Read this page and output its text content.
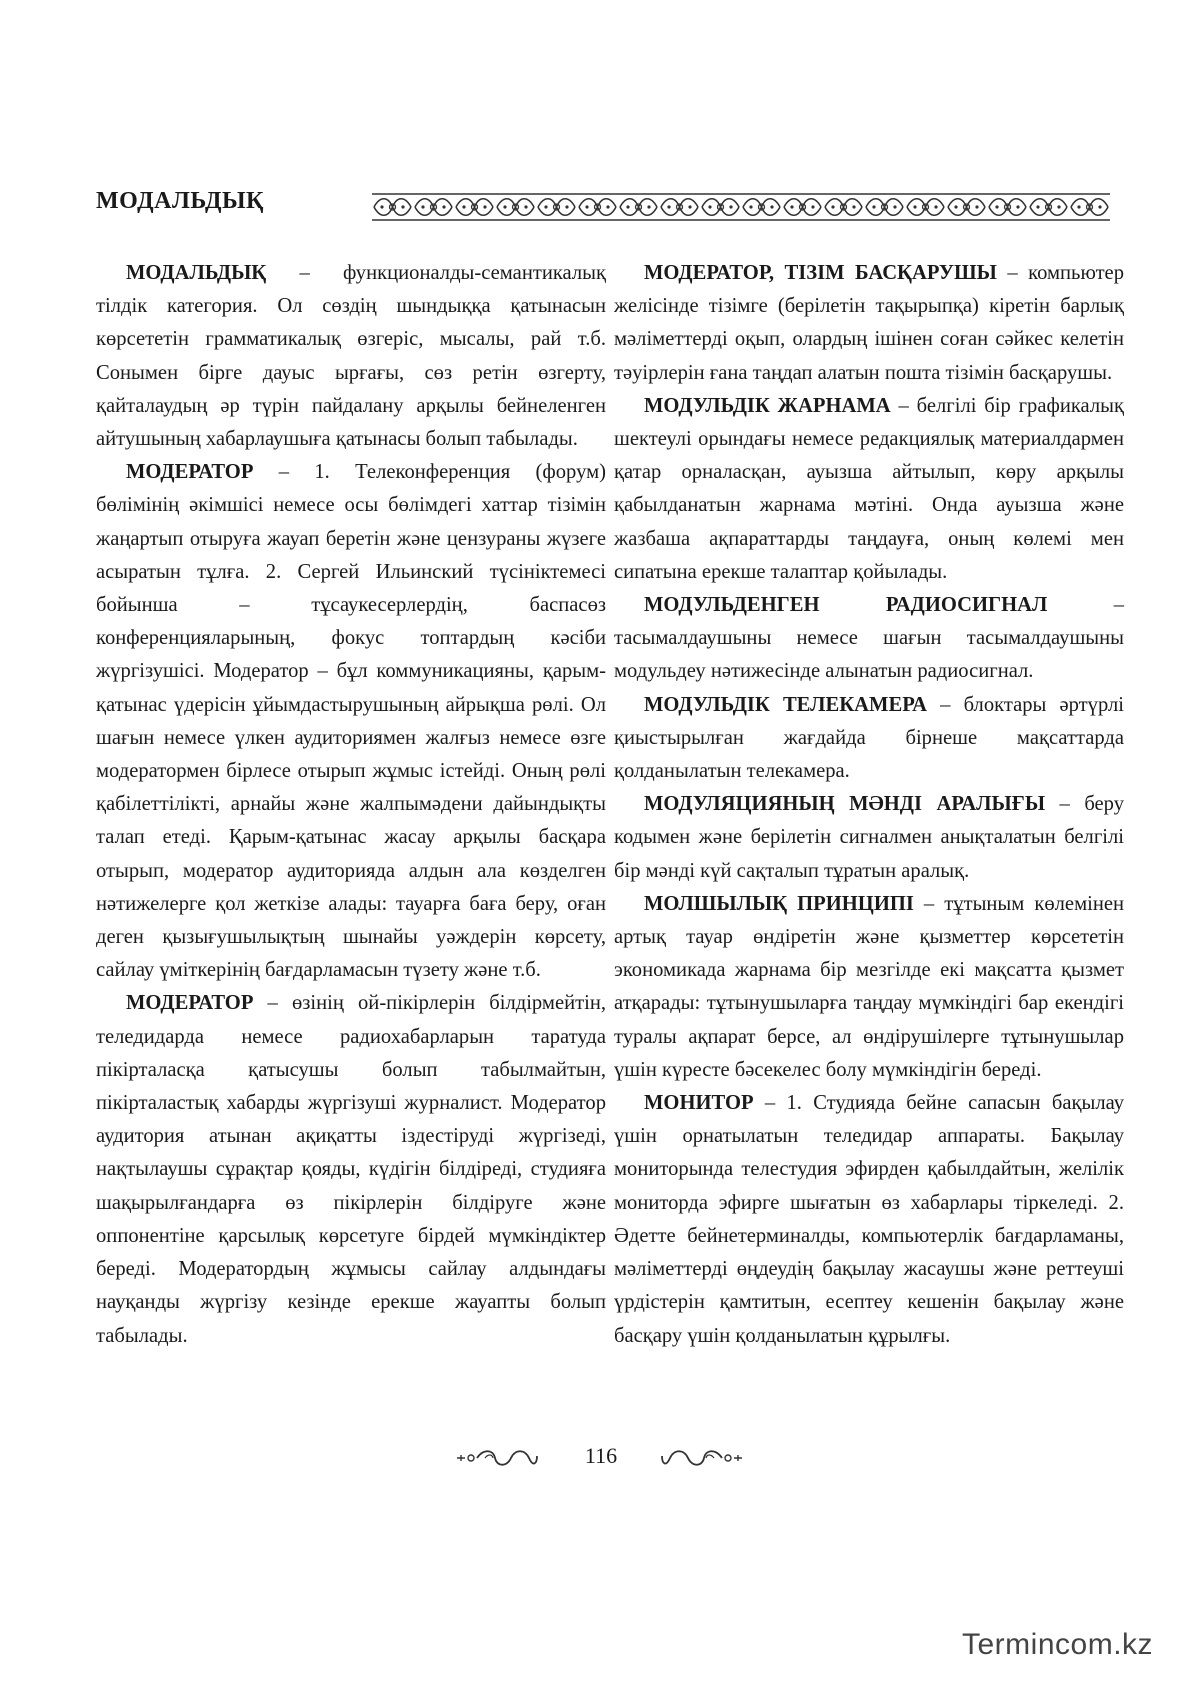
МОДАЛЬДЫҚ

МОДАЛЬДЫҚ – функционалды-семантикалық тілдік категория. Ол сөздің шындыққа қатынасын көрсететін грамматикалық өзгеріс, мысалы, рай т.б. Сонымен бірге дауыс ырғағы, сөз ретін өзгерту, қайталаудың әр түрін пайдалану арқылы бейнеленген айтушының хабарлаушыға қатынасы болып табылады.

МОДЕРАТОР – 1. Телеконференция (форум) бөлімінің әкімшісі немесе осы бөлімдегі хаттар тізімін жаңартып отыруға жауап беретін және цензураны жүзеге асыратын тұлға. 2. Сергей Ильинский түсініктемесі бойынша – тұсаукесерлердің, баспасөз конференцияларының, фокус топтардың кәсіби жүргізушісі. Модератор – бұл коммуникацияны, қарым-қатынас үдерісін ұйымдастырушының айрықша рөлі. Ол шағын немесе үлкен аудиториямен жалғыз немесе өзге модератормен бірлесе отырып жұмыс істейді. Оның рөлі қабілеттілікті, арнайы және жалпымәдени дайындықты талап етеді. Қарым-қатынас жасау арқылы басқара отырып, модератор аудиторияда алдын ала көзделген нәтижелерге қол жеткізе алады: тауарға баға беру, оған деген қызығушылықтың шынайы уәждерін көрсету, сайлау үміткерінің бағдарламасын түзету және т.б.

МОДЕРАТОР – өзінің ой-пікірлерін білдірмейтін, теледидарда немесе радиохабарларын таратуда пікірталасқа қатысушы болып табылмайтын, пікірталастық хабарды жүргізуші журналист. Модератор аудитория атынан ақиқатты іздестіруді жүргізеді, нақтылаушы сұрақтар қояды, күдігін білдіреді, студияға шақырылғандарға өз пікірлерін білдіруге және оппонентіне қарсылық көрсетуге бірдей мүмкіндіктер береді. Модератордың жұмысы сайлау алдындағы науқанды жүргізу кезінде ерекше жауапты болып табылады.

МОДЕРАТОР, ТІЗІМ БАСҚАРУШЫ – компьютер желісінде тізімге (берілетін тақырыпқа) кіретін барлық мәліметтерді оқып, олардың ішінен соған сәйкес келетін тәуірлерін ғана таңдап алатын пошта тізімін басқарушы.

МОДУЛЬДІК ЖАРНАМА – белгілі бір графикалық шектеулі орындағы немесе редакциялық материалдармен қатар орналасқан, ауызша айтылып, көру арқылы қабылданатын жарнама мәтіні. Онда ауызша және жазбаша ақпараттарды таңдауға, оның көлемі мен сипатына ерекше талаптар қойылады.

МОДУЛЬДЕНГЕН РАДИОСИГНАЛ – тасымалдаушыны немесе шағын тасымалдаушыны модульдеу нәтижесінде алынатын радиосигнал.

МОДУЛЬДІК ТЕЛЕКАМЕРА – блоктары әртүрлі қиыстырылған жағдайда бірнеше мақсаттарда қолданылатын телекамера.

МОДУЛЯЦИЯНЫҢ МӘНДІ АРАЛЫҒЫ – беру кодымен және берілетін сигналмен анықталатын белгілі бір мәнді күй сақталып тұратын аралық.

МОЛШЫЛЫҚ ПРИНЦИПІ – тұтыным көлемінен артық тауар өндіретін және қызметтер көрсететін экономикада жарнама бір мезгілде екі мақсатта қызмет атқарады: тұтынушыларға таңдау мүмкіндігі бар екендігі туралы ақпарат берсе, ал өндірушілерге тұтынушылар үшін күресте бәсекелес болу мүмкіндігін береді.

МОНИТОР – 1. Студияда бейне сапасын бақылау үшін орнатылатын теледидар аппараты. Бақылау мониторында телестудия эфирден қабылдайтын, желілік мониторда эфирге шығатын өз хабарлары тіркеледі. 2. Әдетте бейнетерминалды, компьютерлік бағдарламаны, мәліметтерді өңдеудің бақылау жасаушы және реттеуші үрдістерін қамтитын, есептеу кешенін бақылау және басқару үшін қолданылатын құрылғы.

116
Termincom.kz
